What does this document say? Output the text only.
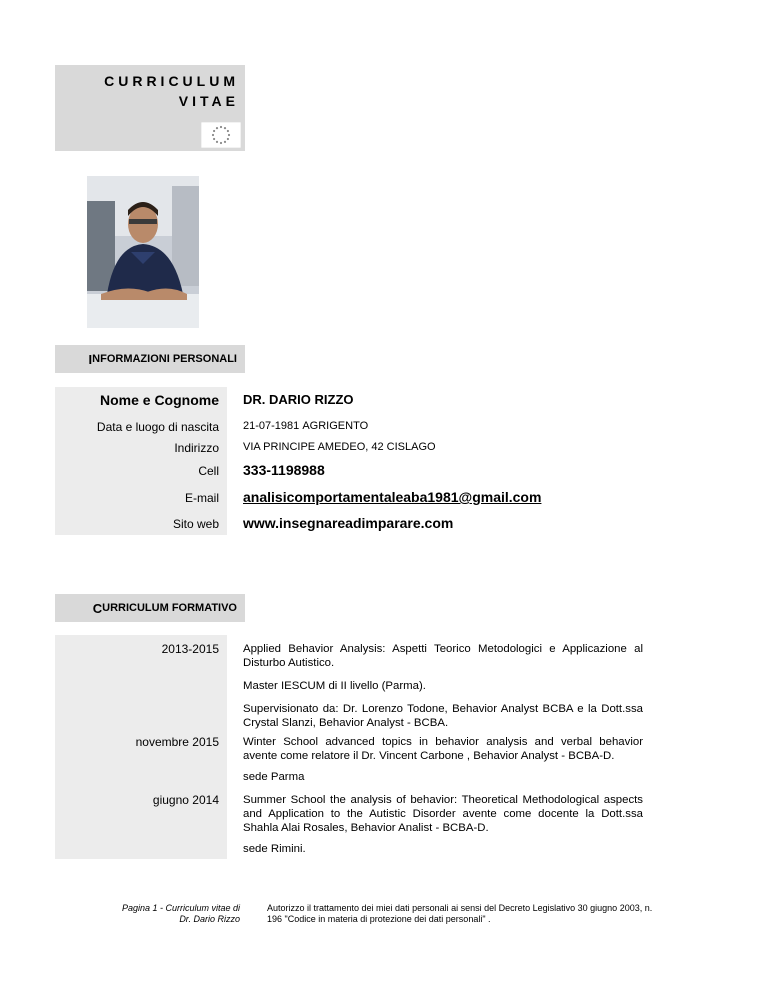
CURRICULUM
VITAE
I NFORMAZIONI PERSONALI
Nome e Cognome DR. DARIO RIZZO
Data e luogo di nascita 21-07-1981 AGRIGENTO
Indirizzo VIA PRINCIPE AMEDEO, 42 CISLAGO
Cell 333-1198988
E-mail analisicomportamentaleaba1981@gmail.com
Sito web www.insegnareadimparare.com
C URRICULUM FORMATIVO
2013-2015 Applied Behavior Analysis: Aspetti Teorico Metodologici e Applicazione al Disturbo Autistico.
Master IESCUM di II livello (Parma).
Supervisionato da: Dr. Lorenzo Todone, Behavior Analyst BCBA e la Dott.ssa Crystal Slanzi, Behavior Analyst - BCBA.
novembre 2015 Winter School advanced topics in behavior analysis and verbal behavior avente come relatore il Dr. Vincent Carbone , Behavior Analyst - BCBA-D.
sede Parma
giugno 2014 Summer School the analysis of behavior: Theoretical Methodological aspects and Application to the Autistic Disorder avente come docente la Dott.ssa Shahla Alai Rosales, Behavior Analist - BCBA-D.
sede Rimini.
Pagina 1 - Curriculum vitae di
Dr. Dario Rizzo
Autorizzo il trattamento dei miei dati personali ai sensi del Decreto Legislativo 30 giugno 2003, n. 196 "Codice in materia di protezione dei dati personali" .
